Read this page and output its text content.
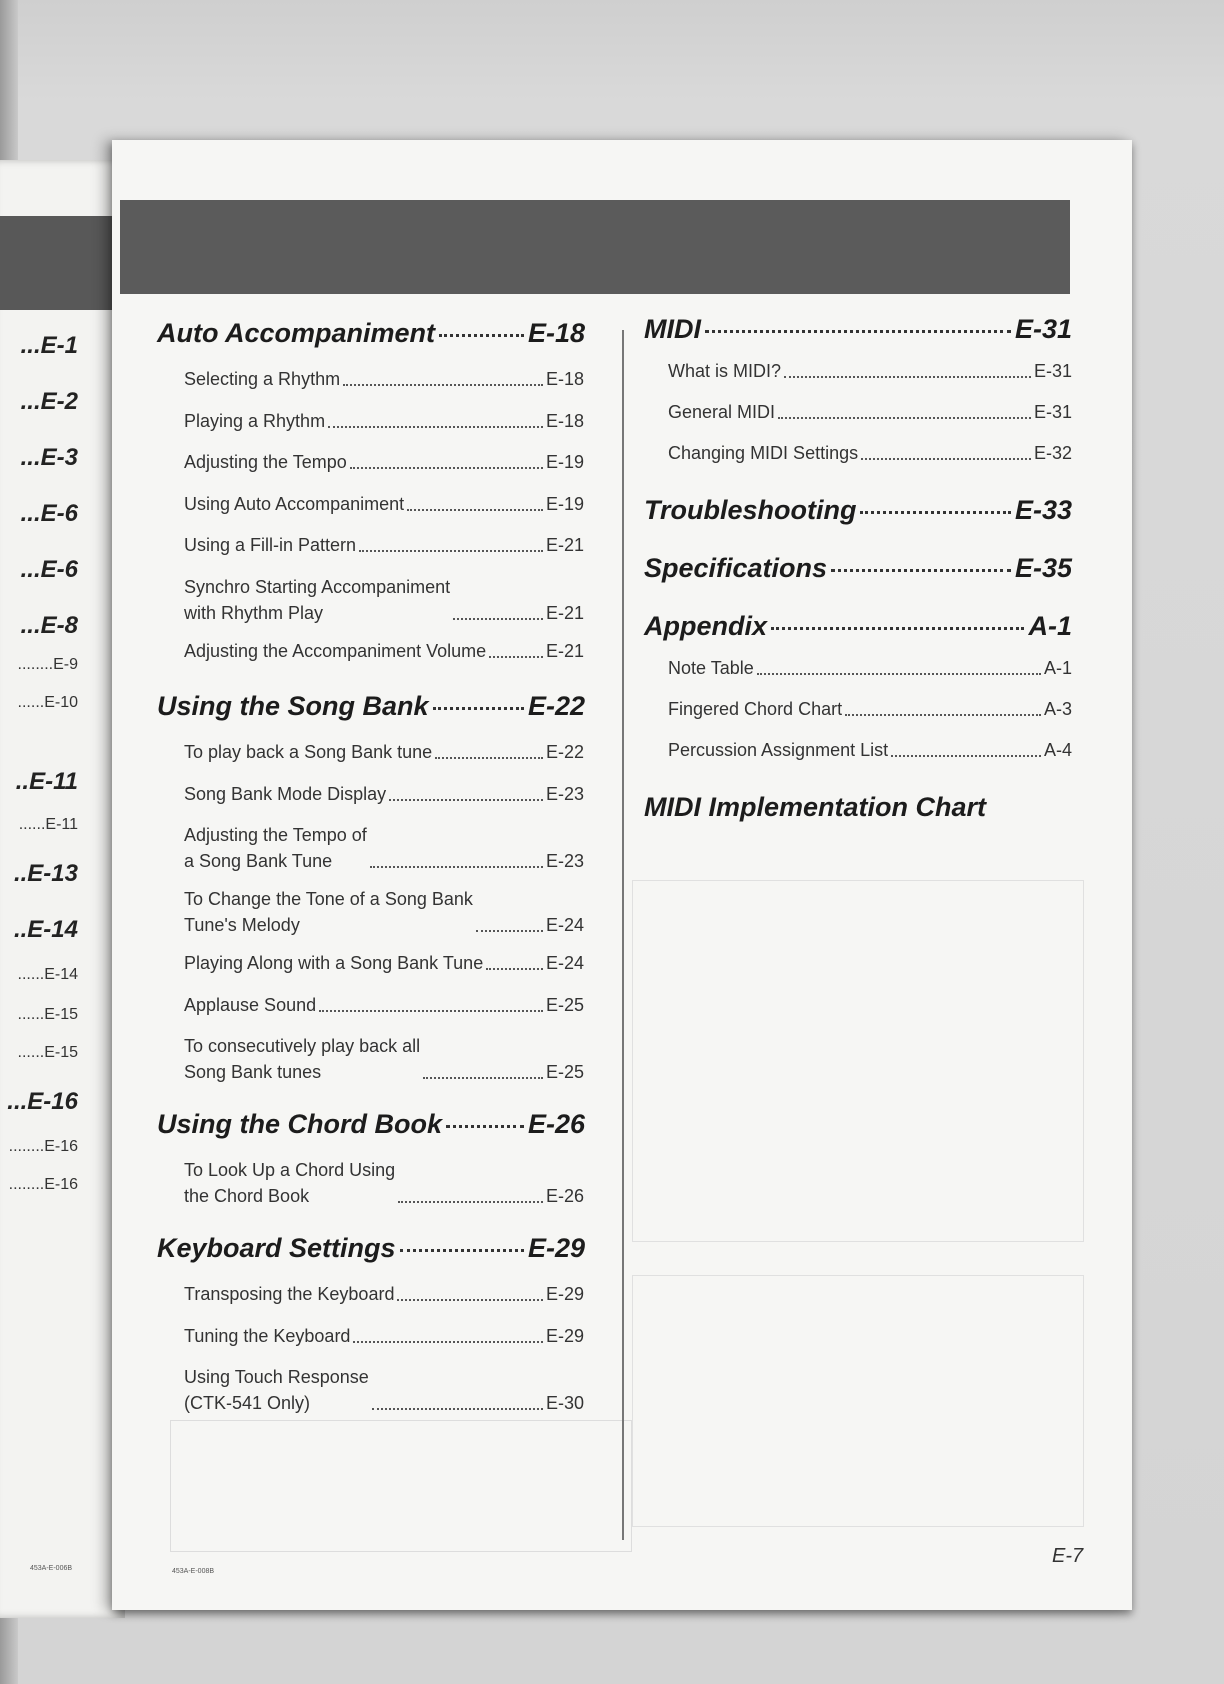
...E-1
...E-2
...E-3
...E-6
...E-6
...E-8
........E-9
......E-10
..E-11
......E-11
..E-13
..E-14
......E-14
......E-15
......E-15
...E-16
........E-16
........E-16
453A-E-006B
Auto Accompaniment	E-18
Selecting a Rhythm	E-18
Playing a Rhythm	E-18
Adjusting the Tempo	E-19
Using Auto Accompaniment	E-19
Using a Fill-in Pattern	E-21
Synchro Starting Accompaniment
with Rhythm Play	E-21
Adjusting the Accompaniment Volume	E-21
Using the Song Bank	E-22
To play back a Song Bank tune	E-22
Song Bank Mode Display	E-23
Adjusting the Tempo of
a Song Bank Tune	E-23
To Change the Tone of a Song Bank
Tune's Melody	E-24
Playing Along with a Song Bank Tune	E-24
Applause Sound	E-25
To consecutively play back all
Song Bank tunes	E-25
Using the Chord Book	E-26
To Look Up a Chord Using
the Chord Book	E-26
Keyboard Settings	E-29
Transposing the Keyboard	E-29
Tuning the Keyboard	E-29
Using Touch Response
(CTK-541 Only)	E-30
MIDI	E-31
What is MIDI?	E-31
General MIDI	E-31
Changing MIDI Settings	E-32
Troubleshooting	E-33
Specifications	E-35
Appendix	A-1
Note Table	A-1
Fingered Chord Chart	A-3
Percussion Assignment List	A-4
MIDI Implementation Chart
453A-E-008B
E-7
